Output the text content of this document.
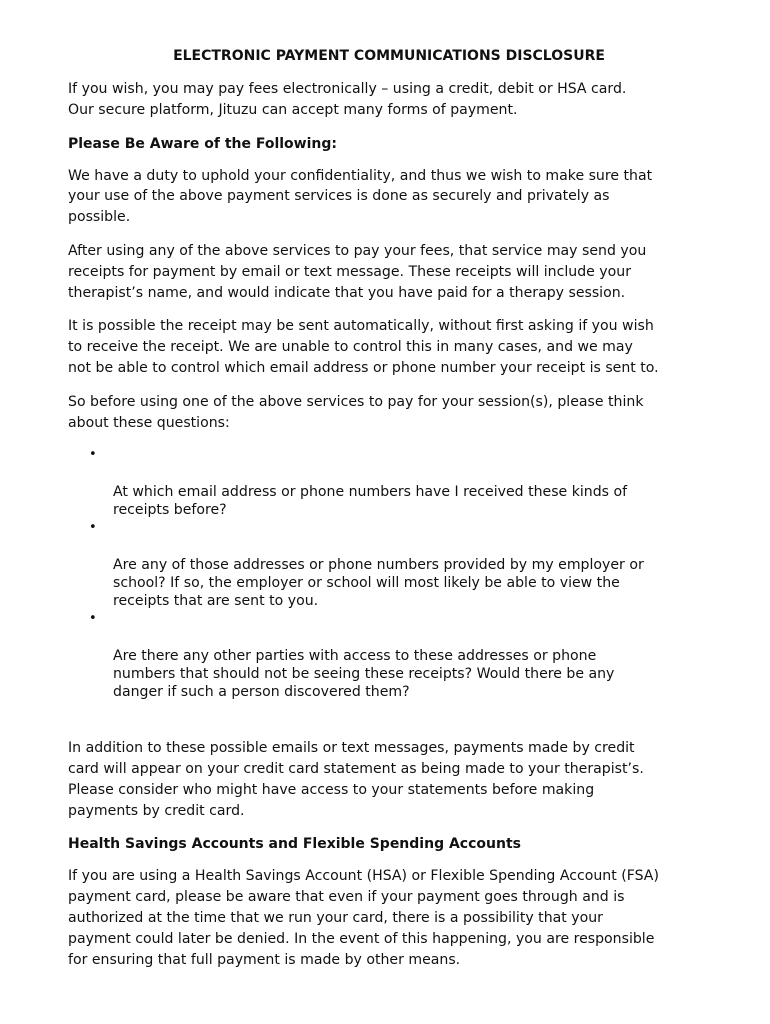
ELECTRONIC PAYMENT COMMUNICATIONS DISCLOSURE

If you wish, you may pay fees electronically – using a credit, debit or HSA card.
Our secure platform, Jituzu can accept many forms of payment.

Please Be Aware of the Following:

We have a duty to uphold your confidentiality, and thus we wish to make sure that
your use of the above payment services is done as securely and privately as
possible.

After using any of the above services to pay your fees, that service may send you
receipts for payment by email or text message. These receipts will include your
therapist’s name, and would indicate that you have paid for a therapy session.

It is possible the receipt may be sent automatically, without first asking if you wish
to receive the receipt. We are unable to control this in many cases, and we may
not be able to control which email address or phone number your receipt is sent to.

So before using one of the above services to pay for your session(s), please think
about these questions:

•

At which email address or phone numbers have I received these kinds of
receipts before?

•

Are any of those addresses or phone numbers provided by my employer or
school? If so, the employer or school will most likely be able to view the
receipts that are sent to you.

•

Are there any other parties with access to these addresses or phone
numbers that should not be seeing these receipts? Would there be any
danger if such a person discovered them?

In addition to these possible emails or text messages, payments made by credit
card will appear on your credit card statement as being made to your therapist’s.
Please consider who might have access to your statements before making
payments by credit card.

Health Savings Accounts and Flexible Spending Accounts

If you are using a Health Savings Account (HSA) or Flexible Spending Account (FSA)
payment card, please be aware that even if your payment goes through and is
authorized at the time that we run your card, there is a possibility that your
payment could later be denied. In the event of this happening, you are responsible
for ensuring that full payment is made by other means.
